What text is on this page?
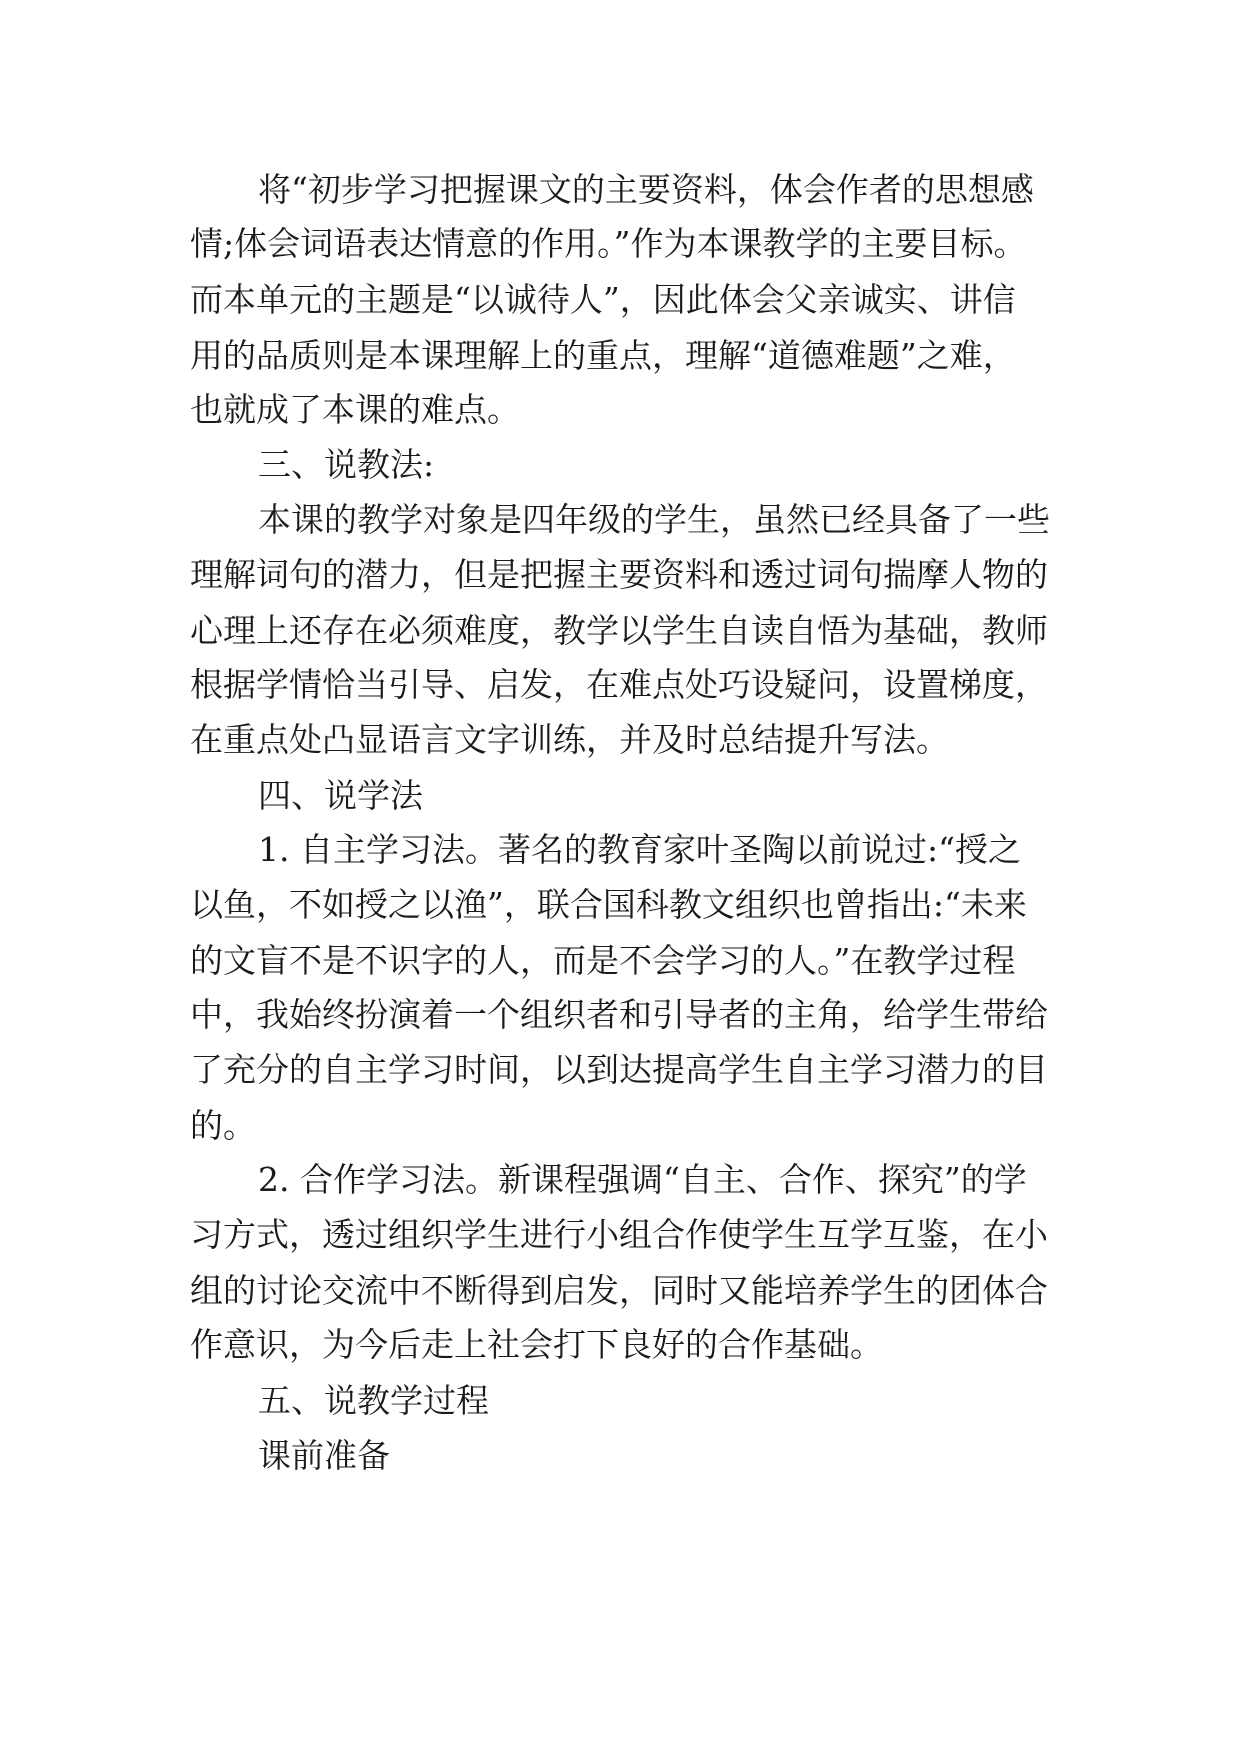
将“初步学习把握课文的主要资料，体会作者的思想感
情;体会词语表达情意的作用。”作为本课教学的主要目标。
而本单元的主题是“以诚待人”，因此体会父亲诚实、讲信
用的品质则是本课理解上的重点，理解“道德难题”之难，
也就成了本课的难点。
三、说教法:
本课的教学对象是四年级的学生，虽然已经具备了一些
理解词句的潜力，但是把握主要资料和透过词句揣摩人物的
心理上还存在必须难度，教学以学生自读自悟为基础，教师
根据学情恰当引导、启发，在难点处巧设疑问，设置梯度，
在重点处凸显语言文字训练，并及时总结提升写法。
四、说学法
1. 自主学习法。著名的教育家叶圣陶以前说过:“授之
以鱼，不如授之以渔”，联合国科教文组织也曾指出:“未来
的文盲不是不识字的人，而是不会学习的人。”在教学过程
中，我始终扮演着一个组织者和引导者的主角，给学生带给
了充分的自主学习时间，以到达提高学生自主学习潜力的目
的。
2. 合作学习法。新课程强调“自主、合作、探究”的学
习方式，透过组织学生进行小组合作使学生互学互鉴，在小
组的讨论交流中不断得到启发，同时又能培养学生的团体合
作意识，为今后走上社会打下良好的合作基础。
五、说教学过程
课前准备
